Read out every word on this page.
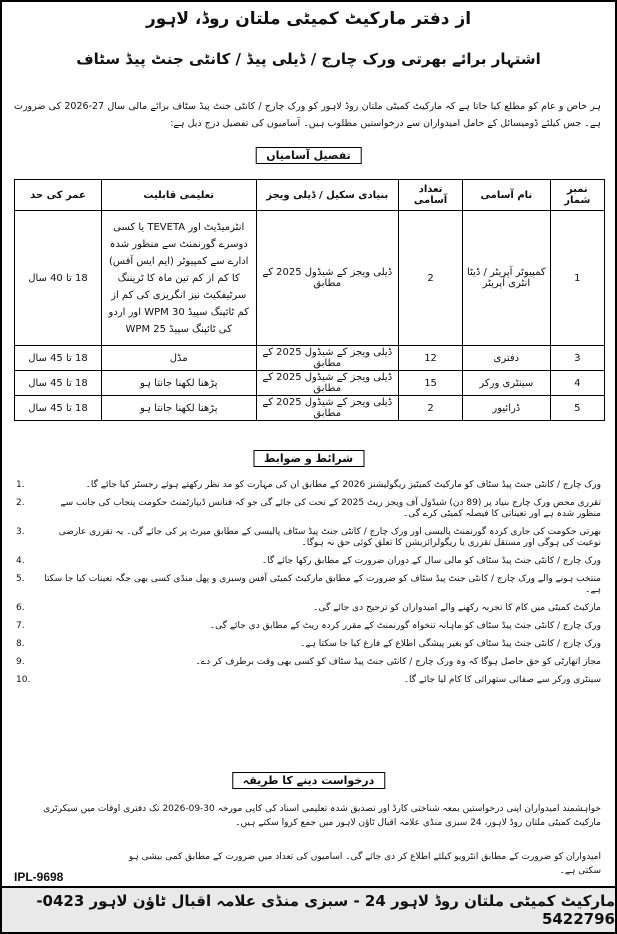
از دفتر مارکیٹ کمیٹی ملتان روڈ، لاہور
اشتہار برائے بھرتی ورک چارج / ڈیلی پیڈ / کانٹی جنٹ پیڈ سٹاف
ہر خاص و عام کو مطلع کیا جاتا ہے کہ مارکیٹ کمیٹی ملتان روڈ لاہور کو ورک چارج / کانٹی جنٹ پیڈ سٹاف برائے مالی سال 27-2026 کی ضرورت ہے۔ جس کیلئے ڈومیسائل کے حامل امیدواران سے درخواستیں مطلوب ہیں۔ آسامیوں کی تفصیل درج ذیل ہے:
تفصیل آسامیاں
نمبر شمار	نام آسامی	تعداد آسامی	بنیادی سکیل / ڈیلی ویجز	تعلیمی قابلیت	عمر کی حد
1	کمپیوٹر آپریٹر / ڈیٹا انٹری آپریٹر	2	ڈیلی ویجز کے شیڈول 2025 کے مطابق	انٹرمیڈیٹ اور TEVETA یا کسی دوسرے گورنمنٹ سے منظور شدہ ادارے سے کمپیوٹر (ایم ایس آفس) کا کم از کم تین ماہ کا ٹریننگ سرٹیفکیٹ نیز انگریزی کی کم از کم ٹائپنگ سپیڈ 30 WPM اور اردو کی ٹائپنگ سپیڈ 25 WPM	18 تا 40 سال
3	دفتری	12	ڈیلی ویجز کے شیڈول 2025 کے مطابق	مڈل	18 تا 45 سال
4	سینٹری ورکر	15	ڈیلی ویجز کے شیڈول 2025 کے مطابق	پڑھنا لکھنا جانتا ہو	18 تا 45 سال
5	ڈرائیور	2	ڈیلی ویجز کے شیڈول 2025 کے مطابق	پڑھنا لکھنا جانتا ہو	18 تا 45 سال
شرائط و ضوابط
1.	ورک چارج / کانٹی جنٹ پیڈ سٹاف کو مارکیٹ کمیٹیز ریگولیشنز 2026 کے مطابق ان کی مہارت کو مد نظر رکھتے ہوئے رجسٹر کیا جائے گا۔
2.	تقرری محض ورک چارج بنیاد پر (89 دن) شیڈول آف ویجز ریٹ 2025 کے تحت کی جائے گی جو کہ فنانس ڈیپارٹمنٹ حکومت پنجاب کی جانب سے منظور شدہ ہے اور تعیناتی کا فیصلہ کمیٹی کرے گی۔
3.	بھرتی حکومت کی جاری کردہ گورنمنٹ پالیسی اور ورک چارج / کانٹی جنٹ پیڈ سٹاف پالیسی کے مطابق میرٹ پر کی جائے گی۔ یہ تقرری عارضی نوعیت کی ہوگی اور مستقل تقرری یا ریگولرائزیشن کا تعلق کوئی حق نہ ہوگا۔
4.	ورک چارج / کانٹی جنٹ پیڈ سٹاف کو مالی سال کے دوران ضرورت کے مطابق رکھا جائے گا۔
5. منتخب ہونے والے ورک چارج / کانٹی جنٹ پیڈ سٹاف کو ضرورت کے مطابق مارکیٹ کمیٹی آفس وسبزی و پھل منڈی کسی بھی جگہ تعینات کیا جا سکتا ہے۔
6.	مارکیٹ کمیٹی میں کام کا تجربہ رکھنے والے امیدواران کو ترجیح دی جائے گی۔
7.	ورک چارج / کانٹی جنٹ پیڈ سٹاف کو ماہانہ تنخواہ گورنمنٹ کے مقرر کردہ ریٹ کے مطابق دی جائے گی۔
8.	ورک چارج / کانٹی جنٹ پیڈ سٹاف کو بغیر پیشگی اطلاع کے فارغ کیا جا سکتا ہے۔
9.	مجاز اتھارٹی کو حق حاصل ہوگا کہ وہ ورک چارج / کانٹی جنٹ پیڈ سٹاف کو کسی بھی وقت برطرف کر دے۔
10.	سینٹری ورکر سے صفائی ستھرائی کا کام لیا جائے گا۔
درخواست دینے کا طریقہ
خواہشمند امیدواران اپنی درخواستیں بمعہ شناختی کارڈ اور تصدیق شدہ تعلیمی اسناد کی کاپی مورخہ 30-09-2026 تک دفتری اوقات میں سیکرٹری مارکیٹ کمیٹی ملتان روڈ لاہور، 24 سبزی منڈی علامہ اقبال ٹاؤن لاہور میں جمع کروا سکتے ہیں۔
امیدواران کو ضرورت کے مطابق انٹرویو کیلئے اطلاع کر دی جائے گی۔ اسامیوں کی تعداد میں ضرورت کے مطابق کمی بیشی ہو سکتی ہے۔
IPL-9698
مارکیٹ کمیٹی ملتان روڈ لاہور 24 - سبزی منڈی علامہ اقبال ٹاؤن لاہور 0423-5422796
